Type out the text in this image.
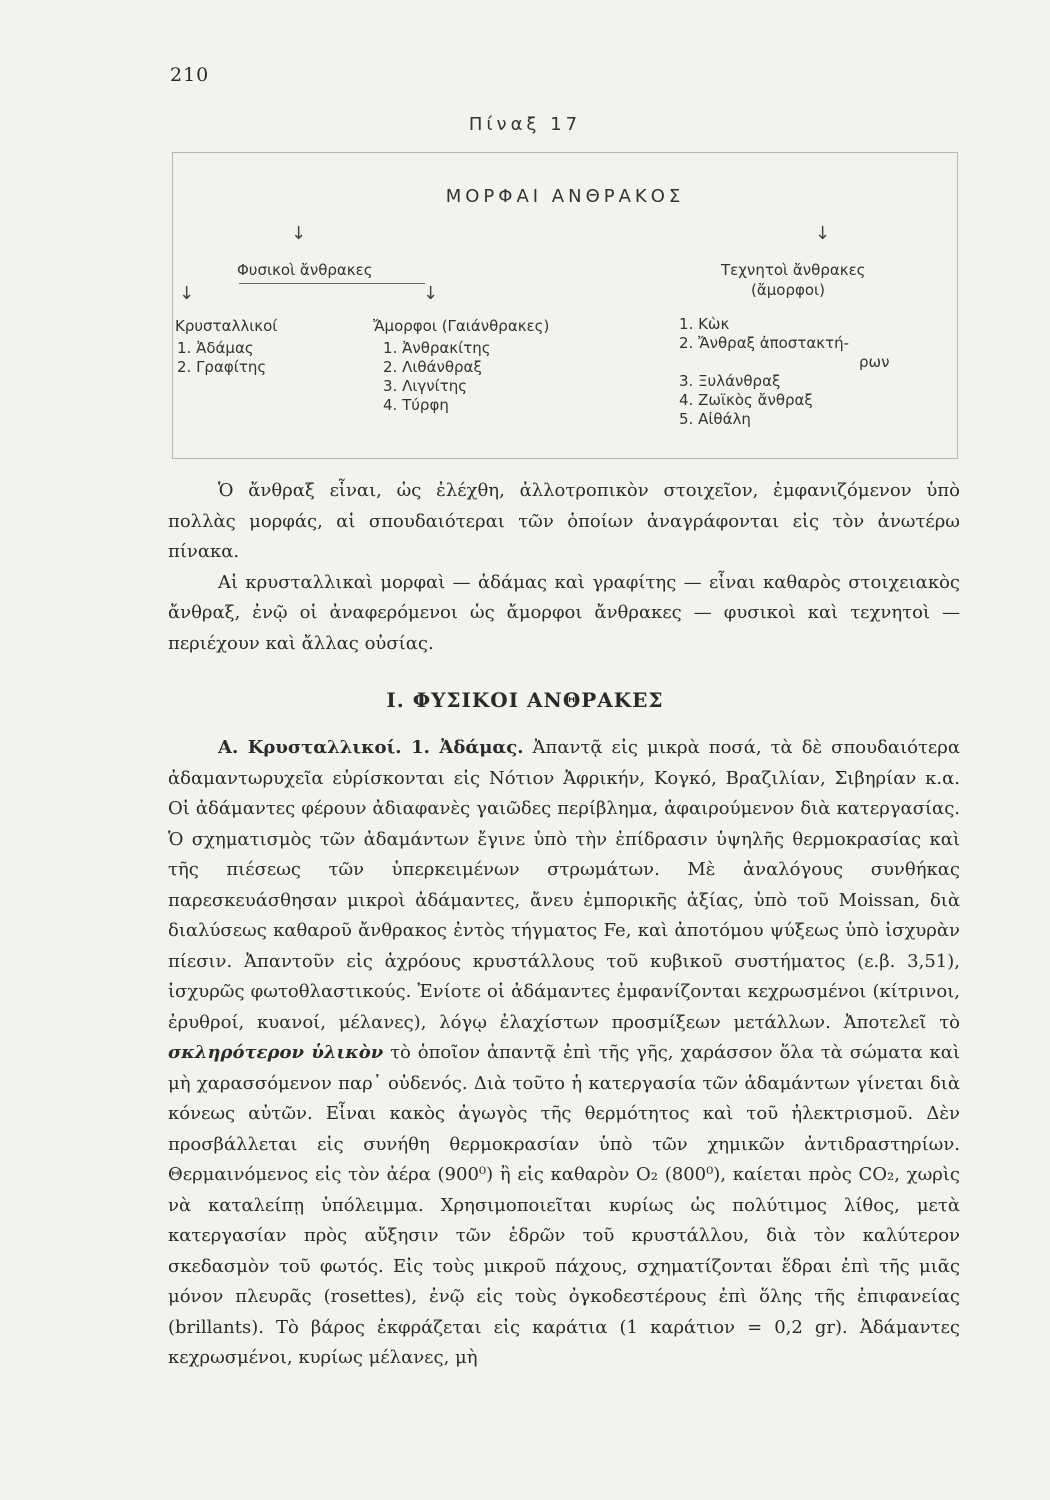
210
Πίναξ 17
ΜΟΡΦΑΙ ΑΝΘΡΑΚΟΣ
↓	↓
Φυσικοὶ ἄνθρακες
↓	↓
Κρυσταλλικοί
1. Ἀδάμας
2. Γραφίτης
Ἄμορφοι (Γαιάνθρακες)
1. Ἀνθρακίτης
2. Λιθάνθραξ
3. Λιγνίτης
4. Τύρφη
Τεχνητοὶ ἄνθρακες
(ἄμορφοι)
1. Κὼκ
2. Ἄνθραξ ἀποστακτή-
ρων
3. Ξυλάνθραξ
4. Ζωϊκὸς ἄνθραξ
5. Αἰθάλη

Ὁ ἄνθραξ εἶναι, ὡς ἐλέχθη, ἀλλοτροπικὸν στοιχεῖον, ἐμφανιζόμενον ὑπὸ πολλὰς μορφάς, αἱ σπουδαιότεραι τῶν ὁποίων ἀναγράφονται εἰς τὸν ἀνωτέρω πίνακα.

Αἱ κρυσταλλικαὶ μορφαὶ — ἀδάμας καὶ γραφίτης — εἶναι καθαρὸς στοιχειακὸς ἄνθραξ, ἐνῷ οἱ ἀναφερόμενοι ὡς ἄμορφοι ἄνθρακες — φυσικοὶ καὶ τεχνητοὶ — περιέχουν καὶ ἄλλας οὐσίας.

Ι. ΦΥΣΙΚΟΙ ΑΝΘΡΑΚΕΣ

Α. Κρυσταλλικοί. 1. Ἀδάμας. Ἀπαντᾷ εἰς μικρὰ ποσά, τὰ δὲ σπουδαιότερα ἀδαμαντωρυχεῖα εὑρίσκονται εἰς Νότιον Ἀφρικήν, Κογκό, Βραζιλίαν, Σιβηρίαν κ.α. Οἱ ἀδάμαντες φέρουν ἀδιαφανὲς γαιῶδες περίβλημα, ἀφαιρούμενον διὰ κατεργασίας. Ὁ σχηματισμὸς τῶν ἀδαμάντων ἔγινε ὑπὸ τὴν ἐπίδρασιν ὑψηλῆς θερμοκρασίας καὶ τῆς πιέσεως τῶν ὑπερκειμένων στρωμάτων. Μὲ ἀναλόγους συνθήκας παρεσκευάσθησαν μικροὶ ἀδάμαντες, ἄνευ ἐμπορικῆς ἀξίας, ὑπὸ τοῦ Moissan, διὰ διαλύσεως καθαροῦ ἄνθρακος ἐντὸς τήγματος Fe, καὶ ἀποτόμου ψύξεως ὑπὸ ἰσχυρὰν πίεσιν. Ἀπαντοῦν εἰς ἀχρόους κρυστάλλους τοῦ κυβικοῦ συστήματος (ε.β. 3,51), ἰσχυρῶς φωτοθλαστικούς. Ἐνίοτε οἱ ἀδάμαντες ἐμφανίζονται κεχρωσμένοι (κίτρινοι, ἐρυθροί, κυανοί, μέλανες), λόγῳ ἐλαχίστων προσμίξεων μετάλλων. Ἀποτελεῖ τὸ σκληρότερον ὑλικὸν τὸ ὁποῖον ἀπαντᾷ ἐπὶ τῆς γῆς, χαράσσον ὅλα τὰ σώματα καὶ μὴ χαρασσόμενον παρ᾽ οὐδενός. Διὰ τοῦτο ἡ κατεργασία τῶν ἀδαμάντων γίνεται διὰ κόνεως αὐτῶν. Εἶναι κακὸς ἀγωγὸς τῆς θερμότητος καὶ τοῦ ἠλεκτρισμοῦ. Δὲν προσβάλλεται εἰς συνήθη θερμοκρασίαν ὑπὸ τῶν χημικῶν ἀντιδραστηρίων. Θερμαινόμενος εἰς τὸν ἀέρα (900⁰) ἢ εἰς καθαρὸν O₂ (800⁰), καίεται πρὸς CO₂, χωρὶς νὰ καταλείπῃ ὑπόλειμμα. Χρησιμοποιεῖται κυρίως ὡς πολύτιμος λίθος, μετὰ κατεργασίαν πρὸς αὔξησιν τῶν ἑδρῶν τοῦ κρυστάλλου, διὰ τὸν καλύτερον σκεδασμὸν τοῦ φωτός. Εἰς τοὺς μικροῦ πάχους, σχηματίζονται ἕδραι ἐπὶ τῆς μιᾶς μόνον πλευρᾶς (rosettes), ἐνῷ εἰς τοὺς ὀγκοδεστέρους ἐπὶ ὅλης τῆς ἐπιφανείας (brillants). Τὸ βάρος ἐκφράζεται εἰς καράτια (1 καράτιον = 0,2 gr). Ἀδάμαντες κεχρωσμένοι, κυρίως μέλανες, μὴ
